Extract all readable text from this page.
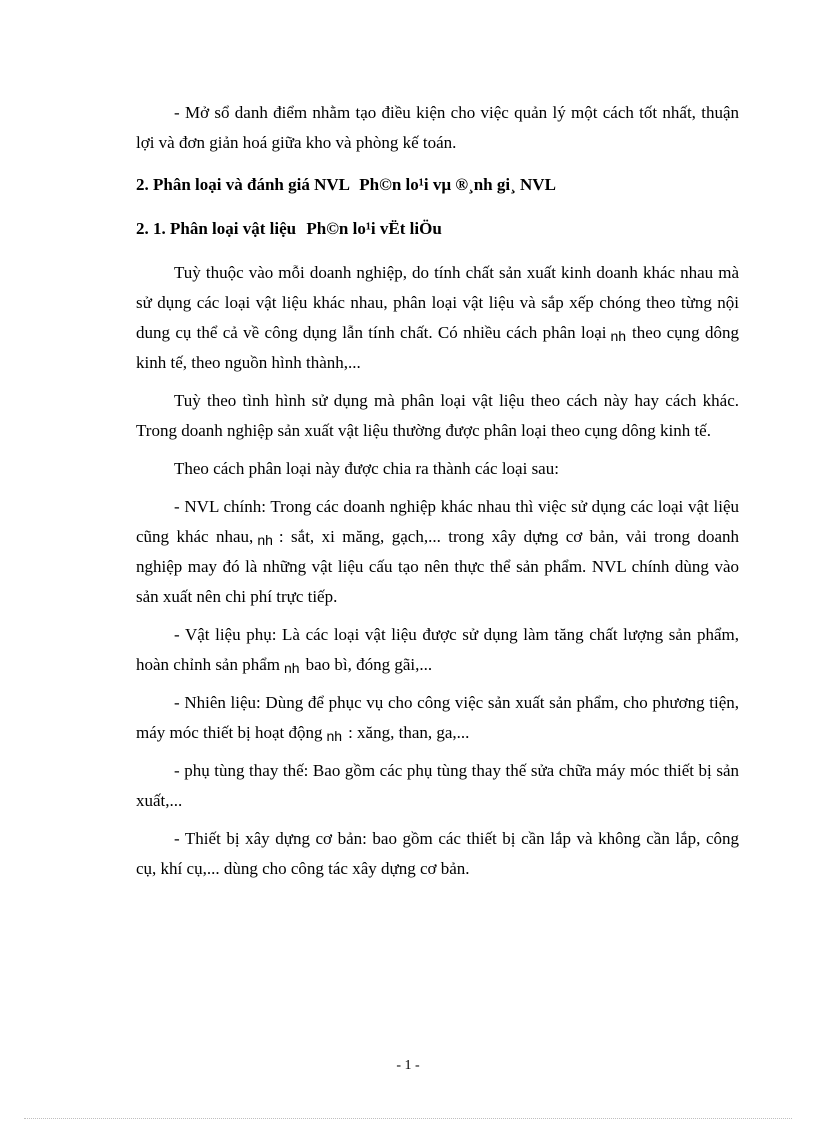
- Mở sổ danh điểm nhằm tạo điều kiện cho việc quản lý một cách tốt nhất, thuận lợi và đơn giản hoá giữa kho và phòng kế toán.

2. Phân loại và đánh giá NVL Ph©n lo¹i vµ ®¸nh gi¸ NVL
2. 1. Phân loại vật liệu Ph©n lo¹i vËt liÖu

Tuỳ thuộc vào mỗi doanh nghiệp, do tính chất sản xuất kinh doanh khác nhau mà sử dụng các loại vật liệu khác nhau, phân loại vật liệu và sắp xếp chóng theo từng nội dung cụ thể cả về công dụng lẫn tính chất. Có nhiều cách phân loại nh theo cụng dông kinh tế, theo nguồn hình thành,...

Tuỳ theo tình hình sử dụng mà phân loại vật liệu theo cách này hay cách khác. Trong doanh nghiệp sản xuất vật liệu thường được phân loại theo cụng dông kinh tế.

Theo cách phân loại này được chia ra thành các loại sau:

- NVL chính: Trong các doanh nghiệp khác nhau thì việc sử dụng các loại vật liệu cũng khác nhau, nh : sắt, xi măng, gạch,... trong xây dựng cơ bản, vải trong doanh nghiệp may đó là những vật liệu cấu tạo nên thực thể sản phẩm. NVL chính dùng vào sản xuất nên chi phí trực tiếp.

- Vật liệu phụ: Là các loại vật liệu được sử dụng làm tăng chất lượng sản phẩm, hoàn chỉnh sản phẩm nh bao bì, đóng gãi,...

- Nhiên liệu: Dùng để phục vụ cho công việc sản xuất sản phẩm, cho phương tiện, máy móc thiết bị hoạt động nh : xăng, than, ga,...

- phụ tùng thay thế: Bao gồm các phụ tùng thay thế sửa chữa máy móc thiết bị sản xuất,...

- Thiết bị xây dựng cơ bản: bao gồm các thiết bị cần lắp và không cần lắp, công cụ, khí cụ,... dùng cho công tác xây dựng cơ bản.

- 1 -
